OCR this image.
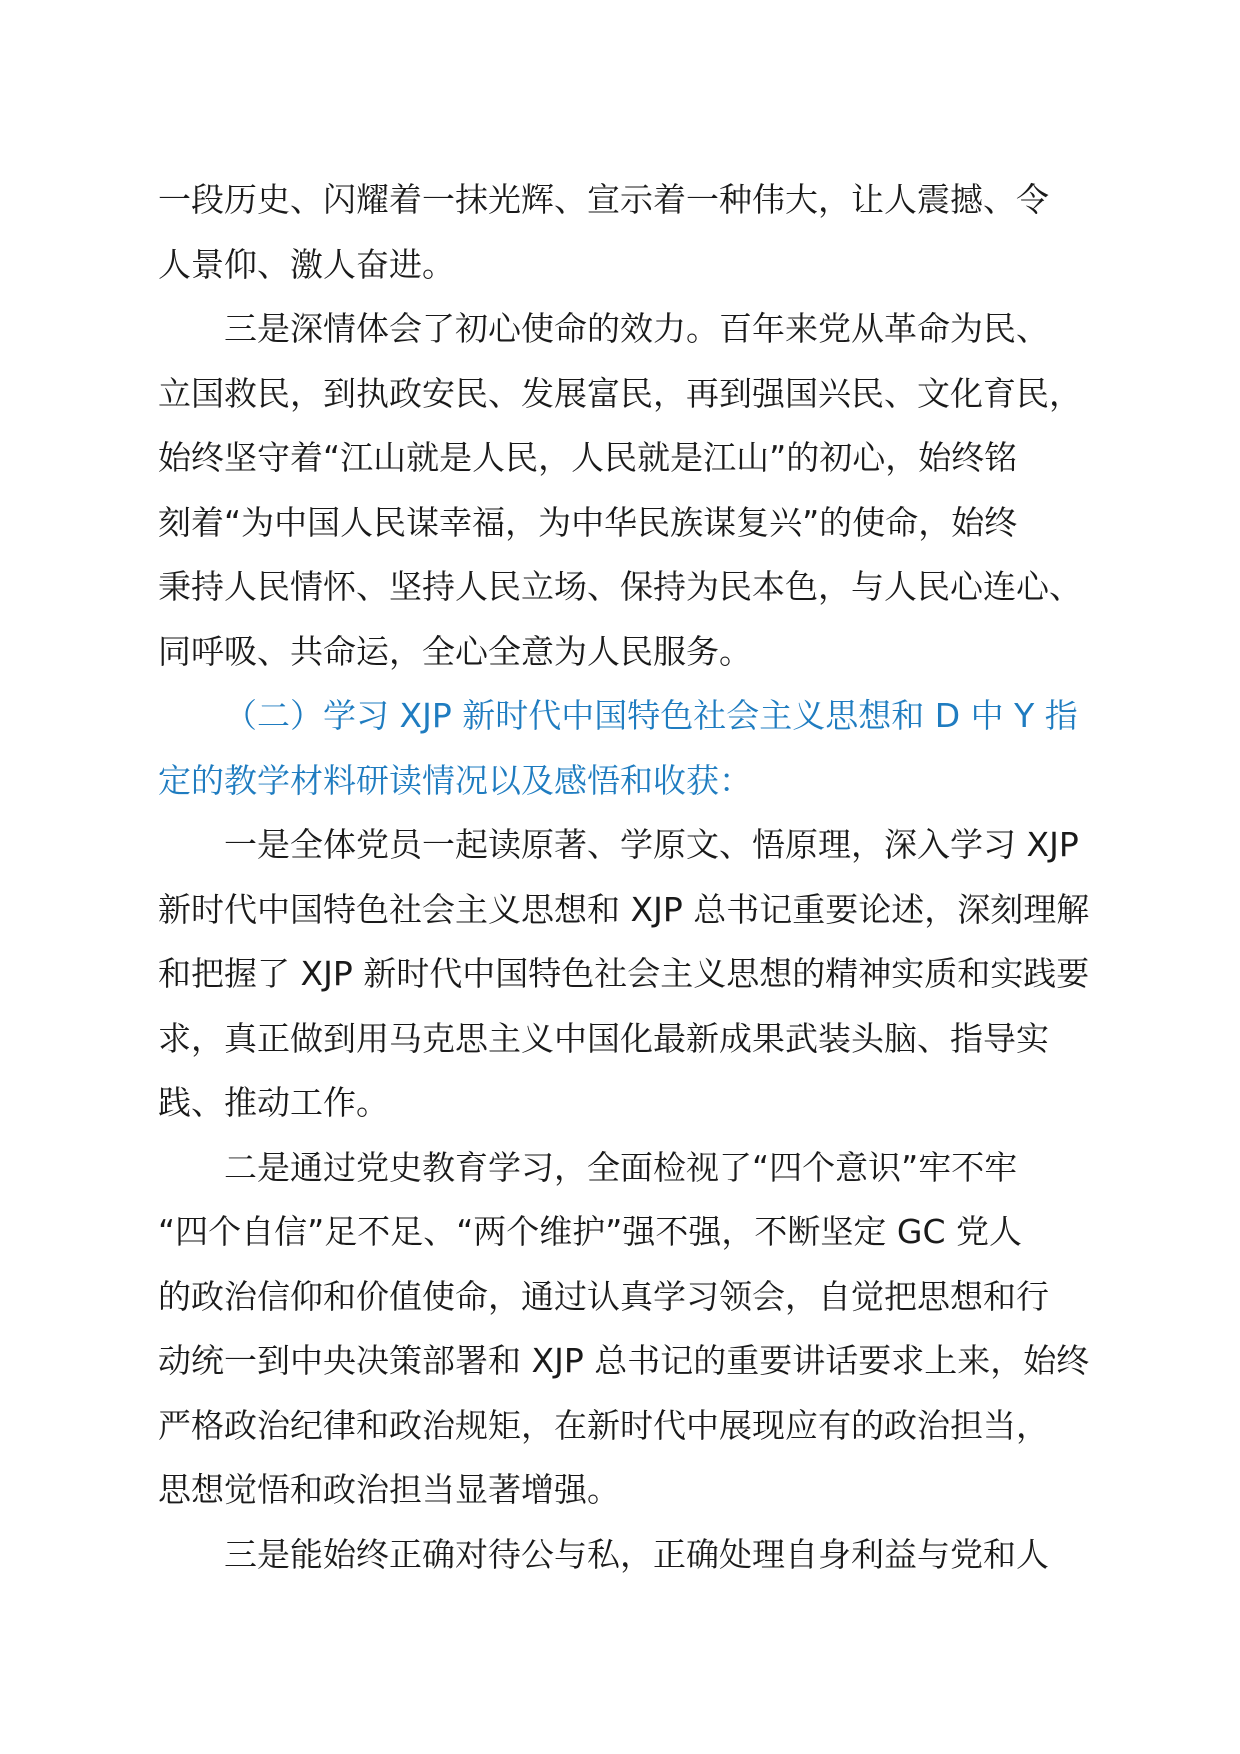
一段历史、闪耀着一抹光辉、宣示着一种伟大，让人震撼、令

人景仰、激人奋进。

三是深情体会了初心使命的效力。百年来党从革命为民、

立国救民，到执政安民、发展富民，再到强国兴民、文化育民，

始终坚守着“江山就是人民，人民就是江山”的初心，始终铭

刻着“为中国人民谋幸福，为中华民族谋复兴”的使命，始终

秉持人民情怀、坚持人民立场、保持为民本色，与人民心连心、

同呼吸、共命运，全心全意为人民服务。

（二）学习 XJP 新时代中国特色社会主义思想和 D 中 Y 指

定的教学材料研读情况以及感悟和收获：

一是全体党员一起读原著、学原文、悟原理，深入学习 XJP

新时代中国特色社会主义思想和 XJP 总书记重要论述，深刻理解

和把握了 XJP 新时代中国特色社会主义思想的精神实质和实践要

求，真正做到用马克思主义中国化最新成果武装头脑、指导实

践、推动工作。

二是通过党史教育学习，全面检视了“四个意识”牢不牢

“四个自信”足不足、“两个维护”强不强，不断坚定 GC 党人

的政治信仰和价值使命，通过认真学习领会，自觉把思想和行

动统一到中央决策部署和 XJP 总书记的重要讲话要求上来，始终

严格政治纪律和政治规矩，在新时代中展现应有的政治担当，

思想觉悟和政治担当显著增强。

三是能始终正确对待公与私，正确处理自身利益与党和人
